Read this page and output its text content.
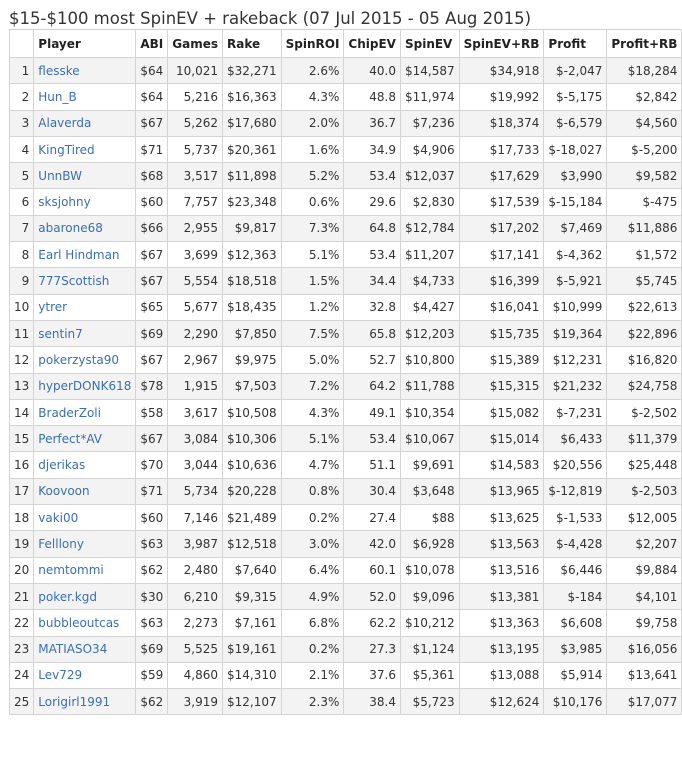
$15-$100 most SpinEV + rakeback (07 Jul 2015 - 05 Aug 2015)
	Player	ABI	Games	Rake	SpinROI	ChipEV	SpinEV	SpinEV+RB	Profit	Profit+RB
1	flesske	$64	10,021	$32,271	2.6%	40.0	$14,587	$34,918	$-2,047	$18,284
2	Hun_B	$64	5,216	$16,363	4.3%	48.8	$11,974	$19,992	$-5,175	$2,842
3	Alaverda	$67	5,262	$17,680	2.0%	36.7	$7,236	$18,374	$-6,579	$4,560
4	KingTired	$71	5,737	$20,361	1.6%	34.9	$4,906	$17,733	$-18,027	$-5,200
5	UnnBW	$68	3,517	$11,898	5.2%	53.4	$12,037	$17,629	$3,990	$9,582
6	sksjohny	$60	7,757	$23,348	0.6%	29.6	$2,830	$17,539	$-15,184	$-475
7	abarone68	$66	2,955	$9,817	7.3%	64.8	$12,784	$17,202	$7,469	$11,886
8	Earl Hindman	$67	3,699	$12,363	5.1%	53.4	$11,207	$17,141	$-4,362	$1,572
9	777Scottish	$67	5,554	$18,518	1.5%	34.4	$4,733	$16,399	$-5,921	$5,745
10	ytrer	$65	5,677	$18,435	1.2%	32.8	$4,427	$16,041	$10,999	$22,613
11	sentin7	$69	2,290	$7,850	7.5%	65.8	$12,203	$15,735	$19,364	$22,896
12	pokerzysta90	$67	2,967	$9,975	5.0%	52.7	$10,800	$15,389	$12,231	$16,820
13	hyperDONK618	$78	1,915	$7,503	7.2%	64.2	$11,788	$15,315	$21,232	$24,758
14	BraderZoli	$58	3,617	$10,508	4.3%	49.1	$10,354	$15,082	$-7,231	$-2,502
15	Perfect*AV	$67	3,084	$10,306	5.1%	53.4	$10,067	$15,014	$6,433	$11,379
16	djerikas	$70	3,044	$10,636	4.7%	51.1	$9,691	$14,583	$20,556	$25,448
17	Koovoon	$71	5,734	$20,228	0.8%	30.4	$3,648	$13,965	$-12,819	$-2,503
18	vaki00	$60	7,146	$21,489	0.2%	27.4	$88	$13,625	$-1,533	$12,005
19	Felllony	$63	3,987	$12,518	3.0%	42.0	$6,928	$13,563	$-4,428	$2,207
20	nemtommi	$62	2,480	$7,640	6.4%	60.1	$10,078	$13,516	$6,446	$9,884
21	poker.kgd	$30	6,210	$9,315	4.9%	52.0	$9,096	$13,381	$-184	$4,101
22	bubbleoutcas	$63	2,273	$7,161	6.8%	62.2	$10,212	$13,363	$6,608	$9,758
23	MATIASO34	$69	5,525	$19,161	0.2%	27.3	$1,124	$13,195	$3,985	$16,056
24	Lev729	$59	4,860	$14,310	2.1%	37.6	$5,361	$13,088	$5,914	$13,641
25	Lorigirl1991	$62	3,919	$12,107	2.3%	38.4	$5,723	$12,624	$10,176	$17,077
